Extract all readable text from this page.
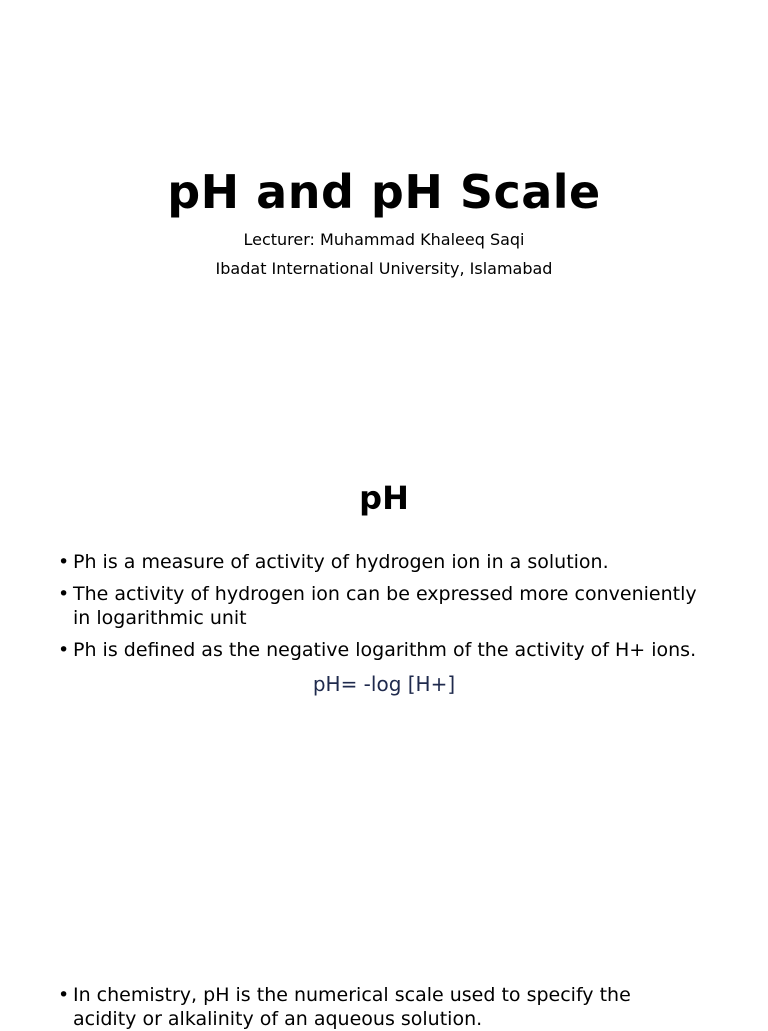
pH and pH Scale

Lecturer: Muhammad Khaleeq Saqi

Ibadat International University, Islamabad

pH
• Ph is a measure of activity of hydrogen ion in a solution.
• The activity of hydrogen ion can be expressed more conveniently in logarithmic unit
• Ph is defined as the negative logarithm of the activity of H+ ions.

pH= -log [H+]

• In chemistry, pH is the numerical scale used to specify the acidity or alkalinity of an aqueous solution.
